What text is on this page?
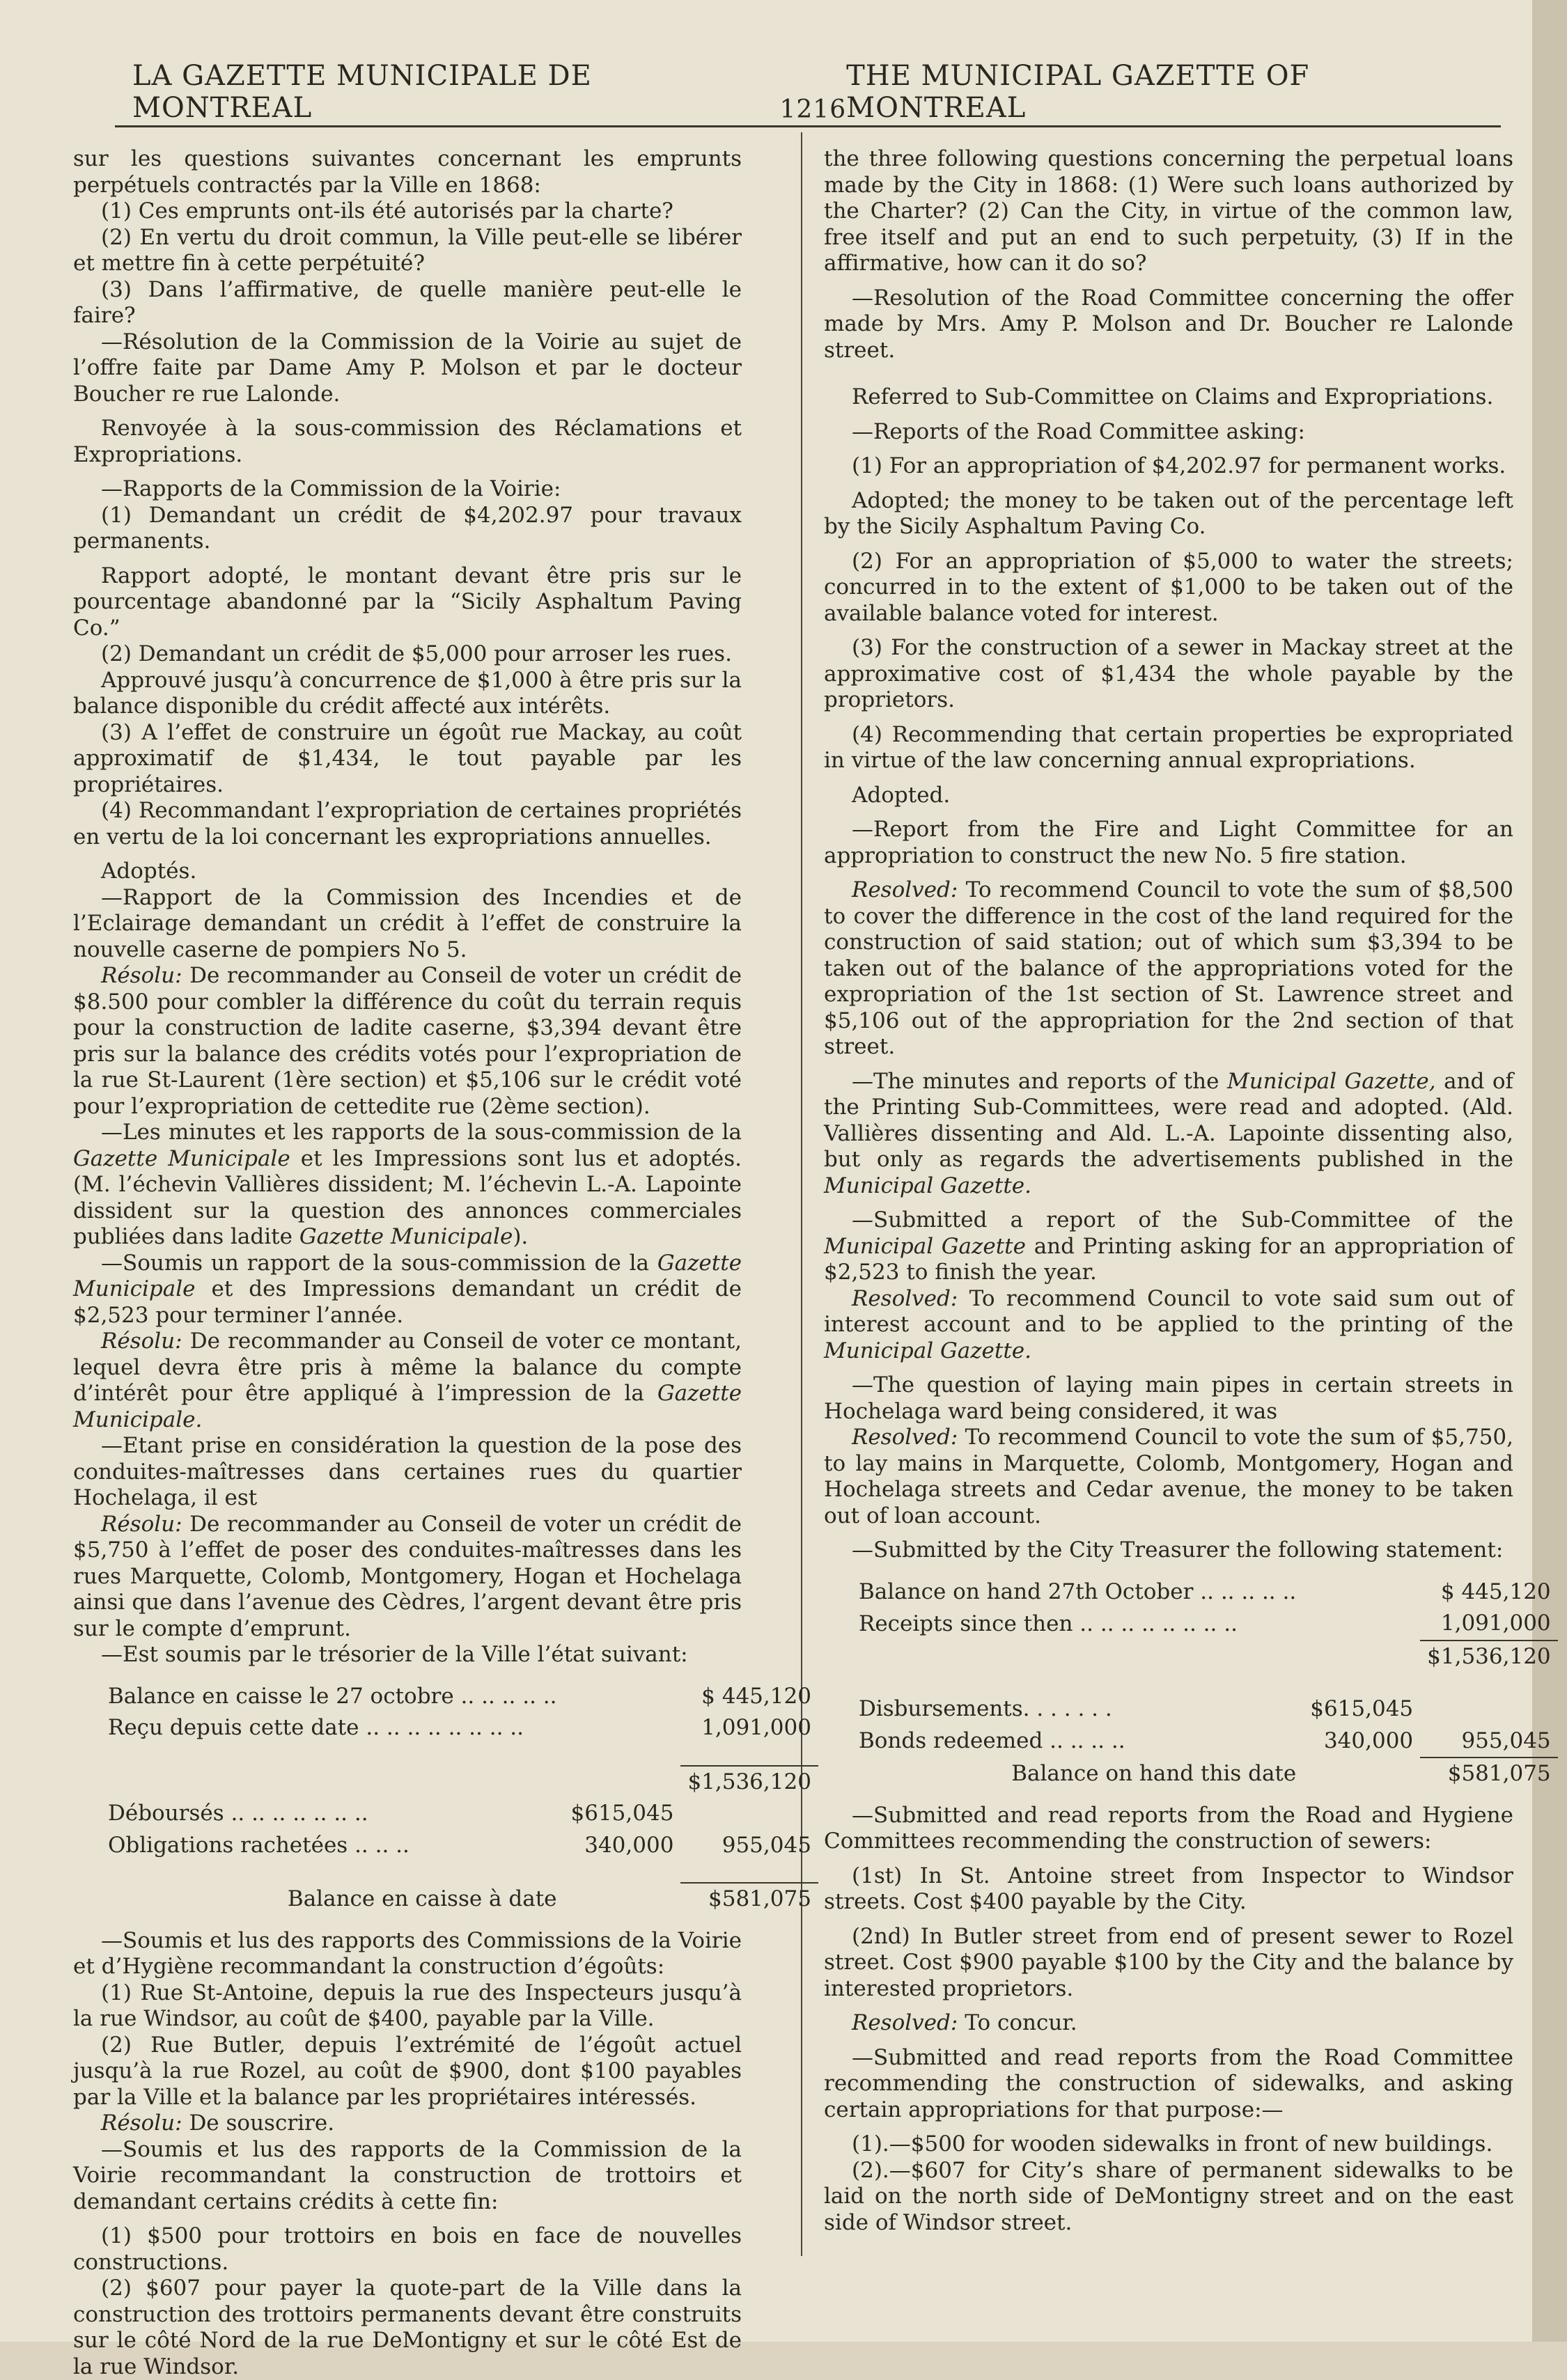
LA GAZETTE MUNICIPALE DE MONTREAL	1216
THE MUNICIPAL GAZETTE OF MONTREAL

sur les questions suivantes concernant les emprunts perpétuels contractés par la Ville en 1868:

(1) Ces emprunts ont-ils été autorisés par la charte?

(2) En vertu du droit commun, la Ville peut-elle se libérer et mettre fin à cette perpétuité?

(3) Dans l’affirmative, de quelle manière peut-elle le faire?

—Résolution de la Commission de la Voirie au sujet de l’offre faite par Dame Amy P. Molson et par le docteur Boucher re rue Lalonde.

Renvoyée à la sous-commission des Réclamations et Expropriations.

—Rapports de la Commission de la Voirie:

(1) Demandant un crédit de $4,202.97 pour travaux permanents.

Rapport adopté, le montant devant être pris sur le pourcentage abandonné par la “Sicily Asphaltum Paving Co.”

(2) Demandant un crédit de $5,000 pour arroser les rues.

Approuvé jusqu’à concurrence de $1,000 à être pris sur la balance disponible du crédit affecté aux intérêts.

(3) A l’effet de construire un égoût rue Mackay, au coût approximatif de $1,434, le tout payable par les propriétaires.

(4) Recommandant l’expropriation de certaines propriétés en vertu de la loi concernant les expropriations annuelles.

Adoptés.

—Rapport de la Commission des Incendies et de l’Eclairage demandant un crédit à l’effet de construire la nouvelle caserne de pompiers No 5.

Résolu: De recommander au Conseil de voter un crédit de $8.500 pour combler la différence du coût du terrain requis pour la construction de ladite caserne, $3,394 devant être pris sur la balance des crédits votés pour l’expropriation de la rue St-Laurent (1ère section) et $5,106 sur le crédit voté pour l’expropriation de cettedite rue (2ème section).

—Les minutes et les rapports de la sous-commission de la Gazette Municipale et les Impressions sont lus et adoptés. (M. l’échevin Vallières dissident; M. l’échevin L.-A. Lapointe dissident sur la question des annonces commerciales publiées dans ladite Gazette Municipale).

—Soumis un rapport de la sous-commission de la Gazette Municipale et des Impressions demandant un crédit de $2,523 pour terminer l’année.

Résolu: De recommander au Conseil de voter ce montant, lequel devra être pris à même la balance du compte d’intérêt pour être appliqué à l’impression de la Gazette Municipale.

—Etant prise en considération la question de la pose des conduites-maîtresses dans certaines rues du quartier Hochelaga, il est

Résolu: De recommander au Conseil de voter un crédit de $5,750 à l’effet de poser des conduites-maîtresses dans les rues Marquette, Colomb, Montgomery, Hogan et Hochelaga ainsi que dans l’avenue des Cèdres, l’argent devant être pris sur le compte d’emprunt.

—Est soumis par le trésorier de la Ville l’état suivant:

Balance en caisse le 27 octobre .. .. .. .. ..		$ 445,120
Reçu depuis cette date .. .. .. .. .. .. .. ..		1,091,000

		$1,536,120
Déboursés .. .. .. .. .. .. ..	$615,045	
Obligations rachetées .. .. ..	340,000	955,045

Balance en caisse à date		$581,075

—Soumis et lus des rapports des Commissions de la Voirie et d’Hygiène recommandant la construction d’égoûts:

(1) Rue St-Antoine, depuis la rue des Inspecteurs jusqu’à la rue Windsor, au coût de $400, payable par la Ville.

(2) Rue Butler, depuis l’extrémité de l’égoût actuel jusqu’à la rue Rozel, au coût de $900, dont $100 payables par la Ville et la balance par les propriétaires intéressés.

Résolu: De souscrire.

—Soumis et lus des rapports de la Commission de la Voirie recommandant la construction de trottoirs et demandant certains crédits à cette fin:

(1) $500 pour trottoirs en bois en face de nouvelles constructions.

(2) $607 pour payer la quote-part de la Ville dans la construction des trottoirs permanents devant être construits sur le côté Nord de la rue DeMontigny et sur le côté Est de la rue Windsor.

the three following questions concerning the perpetual loans made by the City in 1868: (1) Were such loans authorized by the Charter? (2) Can the City, in virtue of the common law, free itself and put an end to such perpetuity, (3) If in the affirmative, how can it do so?

—Resolution of the Road Committee concerning the offer made by Mrs. Amy P. Molson and Dr. Boucher re Lalonde street.

Referred to Sub-Committee on Claims and Expropriations.

—Reports of the Road Committee asking:

(1) For an appropriation of $4,202.97 for permanent works.

Adopted; the money to be taken out of the percentage left by the Sicily Asphaltum Paving Co.

(2) For an appropriation of $5,000 to water the streets; concurred in to the extent of $1,000 to be taken out of the available balance voted for interest.

(3) For the construction of a sewer in Mackay street at the approximative cost of $1,434 the whole payable by the proprietors.

(4) Recommending that certain properties be expropriated in virtue of the law concerning annual expropriations.

Adopted.

—Report from the Fire and Light Committee for an appropriation to construct the new No. 5 fire station.

Resolved: To recommend Council to vote the sum of $8,500 to cover the difference in the cost of the land required for the construction of said station; out of which sum $3,394 to be taken out of the balance of the appropriations voted for the expropriation of the 1st section of St. Lawrence street and $5,106 out of the appropriation for the 2nd section of that street.

—The minutes and reports of the Municipal Gazette, and of the Printing Sub-Committees, were read and adopted. (Ald. Vallières dissenting and Ald. L.-A. Lapointe dissenting also, but only as regards the advertisements published in the Municipal Gazette.

—Submitted a report of the Sub-Committee of the Municipal Gazette and Printing asking for an appropriation of $2,523 to finish the year.

Resolved: To recommend Council to vote said sum out of interest account and to be applied to the printing of the Municipal Gazette.

—The question of laying main pipes in certain streets in Hochelaga ward being considered, it was

Resolved: To recommend Council to vote the sum of $5,750, to lay mains in Marquette, Colomb, Montgomery, Hogan and Hochelaga streets and Cedar avenue, the money to be taken out of loan account.

—Submitted by the City Treasurer the following statement:

Balance on hand 27th October .. .. .. .. ..		$ 445,120
Receipts since then .. .. .. .. .. .. .. ..		1,091,000
		$1,536,120

Disbursements. . . . . . .	$615,045	
Bonds redeemed .. .. .. ..	340,000	955,045
Balance on hand this date		$581,075

—Submitted and read reports from the Road and Hygiene Committees recommending the construction of sewers:

(1st) In St. Antoine street from Inspector to Windsor streets. Cost $400 payable by the City.

(2nd) In Butler street from end of present sewer to Rozel street. Cost $900 payable $100 by the City and the balance by interested proprietors.

Resolved: To concur.

—Submitted and read reports from the Road Committee recommending the construction of sidewalks, and asking certain appropriations for that purpose:—

(1).—$500 for wooden sidewalks in front of new buildings.

(2).—$607 for City’s share of permanent sidewalks to be laid on the north side of DeMontigny street and on the east side of Windsor street.
